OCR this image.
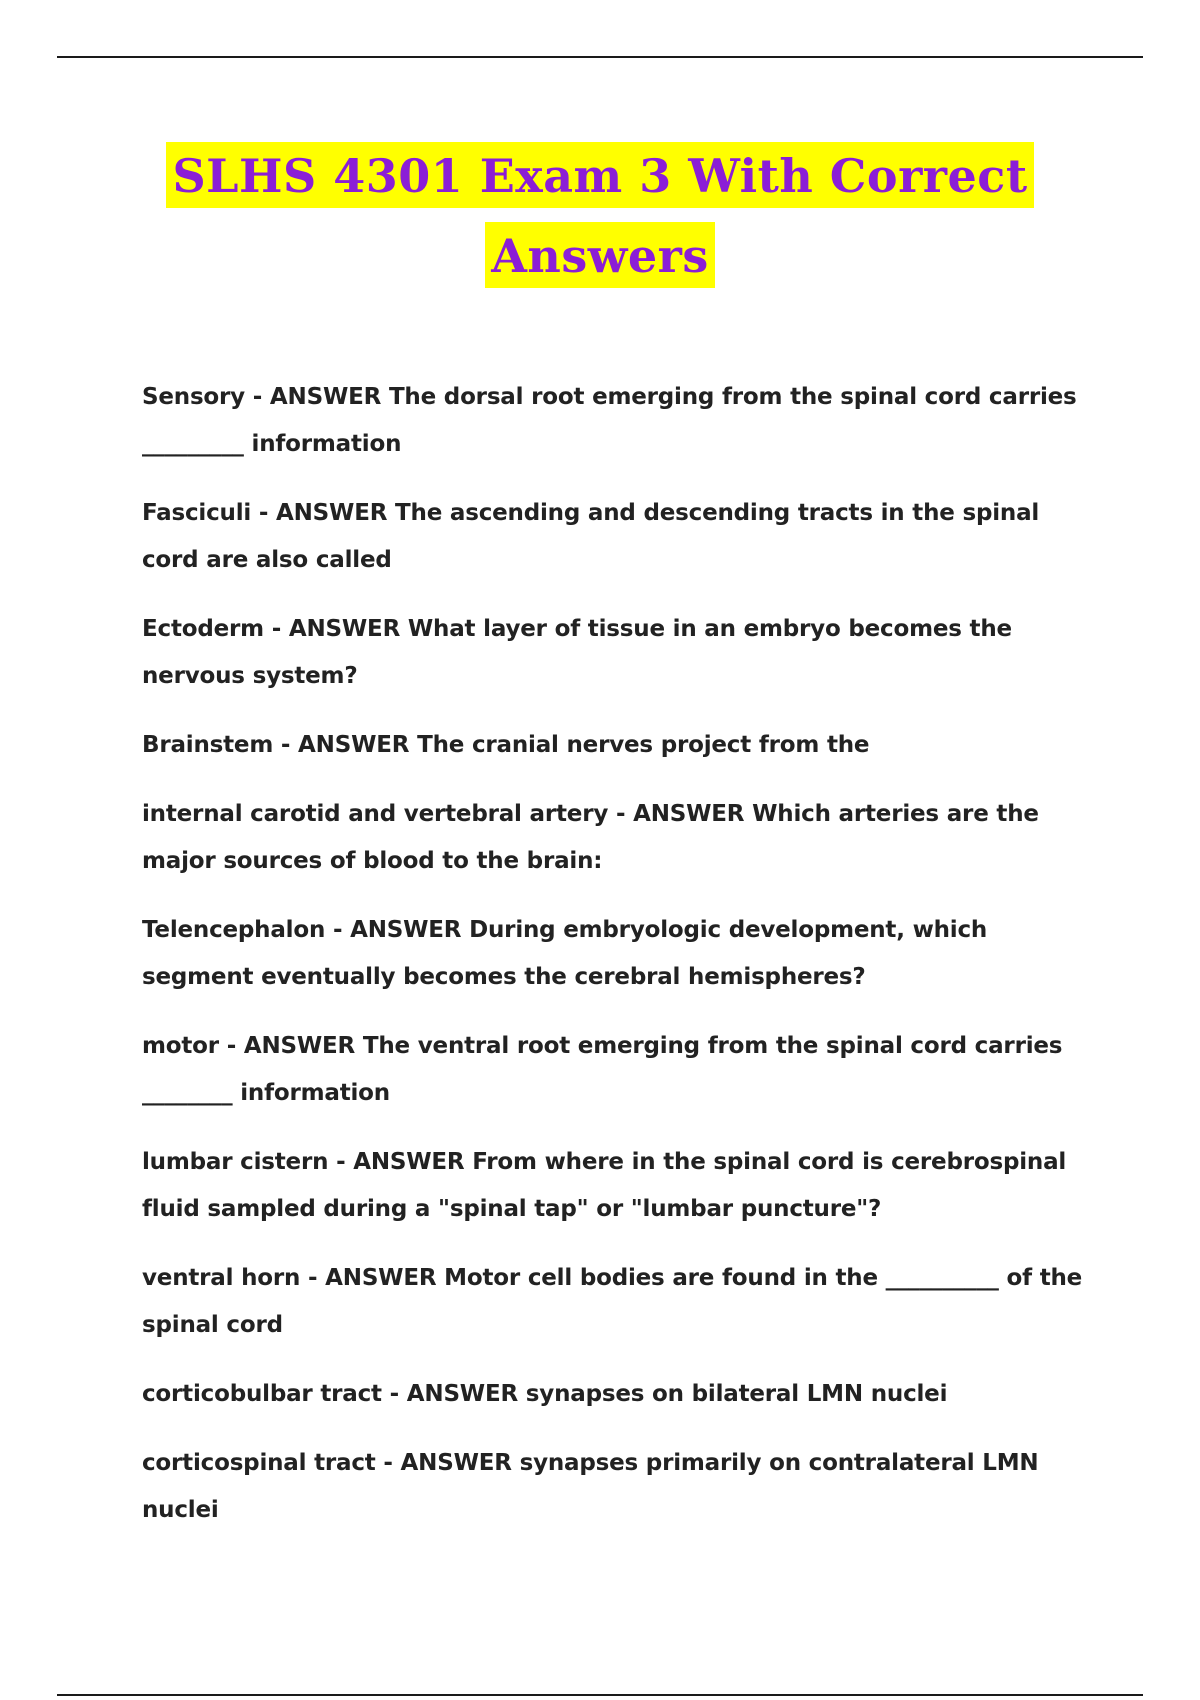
SLHS 4301 Exam 3 With Correct
Answers
Sensory - ANSWER The dorsal root emerging from the spinal cord carries _________ information
Fasciculi - ANSWER The ascending and descending tracts in the spinal cord are also called
Ectoderm - ANSWER What layer of tissue in an embryo becomes the nervous system?
Brainstem - ANSWER The cranial nerves project from the
internal carotid and vertebral artery - ANSWER Which arteries are the major sources of blood to the brain:
Telencephalon - ANSWER During embryologic development, which segment eventually becomes the cerebral hemispheres?
motor - ANSWER The ventral root emerging from the spinal cord carries ________ information
lumbar cistern - ANSWER From where in the spinal cord is cerebrospinal fluid sampled during a "spinal tap" or "lumbar puncture"?
ventral horn - ANSWER Motor cell bodies are found in the __________ of the spinal cord
corticobulbar tract - ANSWER synapses on bilateral LMN nuclei
corticospinal tract - ANSWER synapses primarily on contralateral LMN nuclei
